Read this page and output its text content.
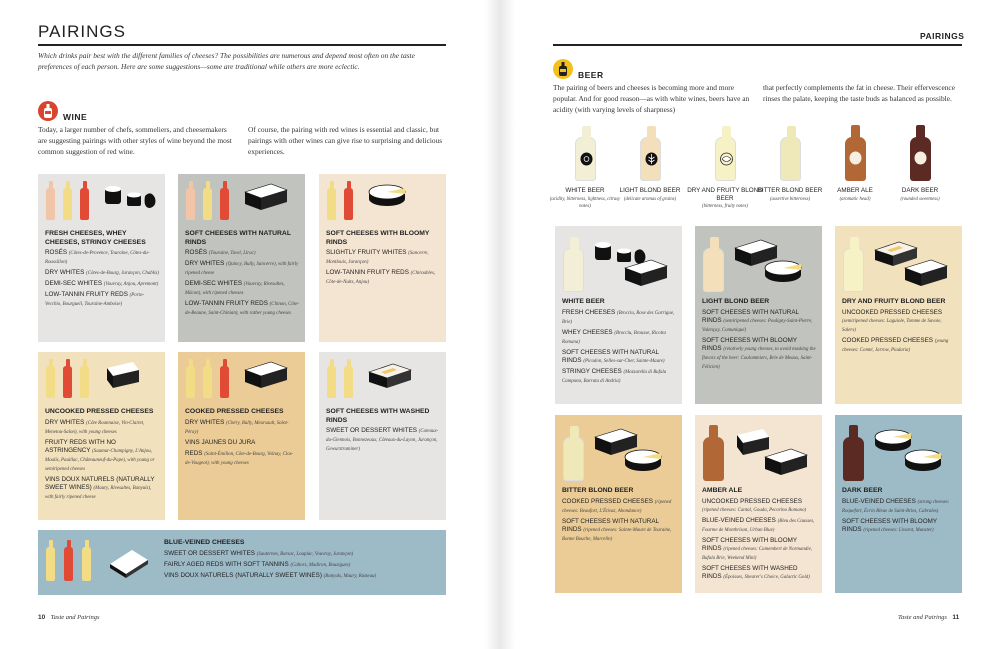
PAIRINGS
Which drinks pair best with the different families of cheeses? The possibilities are numerous and depend most often on the taste preferences of each person. Here are some suggestions—some are traditional while others are more eclectic.
WINE
Today, a larger number of chefs, sommeliers, and cheesemakers are suggesting pairings with other styles of wine beyond the most common suggestion of red wine.
Of course, the pairing with red wines is essential and classic, but pairings with other wines can give rise to surprising and delicious experiences.
FRESH CHEESES, WHEY CHEESES, STRINGY CHEESES
ROSÉS (Côtes-de-Provence, Touraine, Côtes-du-Roussillon)
DRY WHITES (Côtes-de-Bourg, Jurançon, Chablis)
DEMI-SEC WHITES (Vouvray, Anjou, Apremont)
LOW-TANNIN FRUITY REDS (Porto-Vecchio, Bourgueil, Touraine-Amboise)
SOFT CHEESES WITH NATURAL RINDS
ROSÉS (Touraine, Tavel, Lirac)
DRY WHITES (Quincy, Bully, Sancerre), with fairly ripened cheese
DEMI-SEC WHITES (Vouvray, Rivesaltes, Mâcon), with ripened cheeses
LOW-TANNIN FRUITY REDS (Chinon, Côte-de-Beaune, Saint-Chinian), with rather young cheeses
SOFT CHEESES WITH BLOOMY RINDS
SLIGHTLY FRUITY WHITES (Sancerre, Montlouis, Jurançon)
LOW-TANNIN FRUITY REDS (Chiroubles, Côte-de-Nuits, Anjou)
UNCOOKED PRESSED CHEESES
DRY WHITES (Côte Roannaise, Vin-Clairet, Menetou-Salon), with young cheeses
FRUITY REDS WITH NO ASTRINGENCY (Saumur-Champigny, L'Anjou, Moulis, Pauillac, Châteauneuf-du-Pape), with young or semiripened cheeses
VINS DOUX NATURELS (NATURALLY SWEET WINES) (Maury, Rivesaltes, Banyuls), with fairly ripened cheese
COOKED PRESSED CHEESES
DRY WHITES (Chéry, Bully, Meursault, Saint-Péray)
VINS JAUNES DU JURA
REDS (Saint-Émilion, Côte-de-Bourg, Volnay, Clos-de-Vougeot), with young cheeses
SOFT CHEESES WITH WASHED RINDS
SWEET OR DESSERT WHITES (Coteaux-du-Giennois, Bonnezeaux, Côteaux-du-Layon, Jurançon, Gewurztraminer)
BLUE-VEINED CHEESES
SWEET OR DESSERT WHITES (Sauternes, Barsac, Loupiac, Vouvray, Jurançon)
FAIRLY AGED REDS WITH SOFT TANNINS (Cahors, Madiran, Bouzigues)
VINS DOUX NATURELS (NATURALLY SWEET WINES) (Banyuls, Maury, Rasteau)
10 Taste and Pairings
PAIRINGS
BEER
The pairing of beers and cheeses is becoming more and more popular. And for good reason—as with white wines, beers have an acidity (with varying levels of sharpness)
that perfectly complements the fat in cheese. Their effervescence rinses the palate, keeping the taste buds as balanced as possible.
WHITE BEER
(acidity, bitterness, lightness, citrusy notes)
LIGHT BLOND BEER
(delicate aromas of grains)
DRY AND FRUITY BLOND BEER
(bitterness, fruity notes)
BITTER BLOND BEER
(assertive bitterness)
AMBER ALE
(aromatic head)
DARK BEER
(rounded sweetness)
WHITE BEER
FRESH CHEESES (Brocciu, Rose des Garrigue, Brie)
WHEY CHEESES (Brocciu, Brousse, Ricotta Romana)
SOFT CHEESES WITH NATURAL RINDS (Picodon, Selles-sur-Cher, Sainte-Maure)
STRINGY CHEESES (Mozzarella di Bufala Campana, Burrata di Andria)
LIGHT BLOND BEER
SOFT CHEESES WITH NATURAL RINDS (semiripened cheeses: Pouligny-Saint-Pierre, Valençay, Comuniqué)
SOFT CHEESES WITH BLOOMY RINDS (relatively young cheeses, to avoid masking the flavors of the beer: Coulommiers, Brie de Meaux, Saint-Félicien)
DRY AND FRUITY BLOND BEER
UNCOOKED PRESSED CHEESES (semiripened cheeses: Laguiole, Tomme de Savoie, Salers)
COOKED PRESSED CHEESES (young cheeses: Comté, Jarrow, Piadaria)
BITTER BLOND BEER
COOKED PRESSED CHEESES (ripened cheeses: Beaufort, L'Étivaz, Abondance)
SOFT CHEESES WITH NATURAL RINDS (ripened cheeses: Sainte-Maure de Touraine, Bonne Bouche, Marcelin)
AMBER ALE
UNCOOKED PRESSED CHEESES (ripened cheeses: Cantal, Gouda, Pecorino Romano)
BLUE-VEINED CHEESES (Bleu des Causses, Fourme de Montbrison, Urban Blue)
SOFT CHEESES WITH BLOOMY RINDS (ripened cheeses: Camembert de Normandie, Bufala Brie, Weekend Mini)
SOFT CHEESES WITH WASHED RINDS (Époisses, Shearer's Choice, Galactic Gold)
DARK BEER
BLUE-VEINED CHEESES (strong cheeses: Roquefort, Écrin Bleue de Saint-Bries, Cabrales)
SOFT CHEESES WITH BLOOMY RINDS (ripened cheeses: Livarot, Munster)
Taste and Pairings 11
